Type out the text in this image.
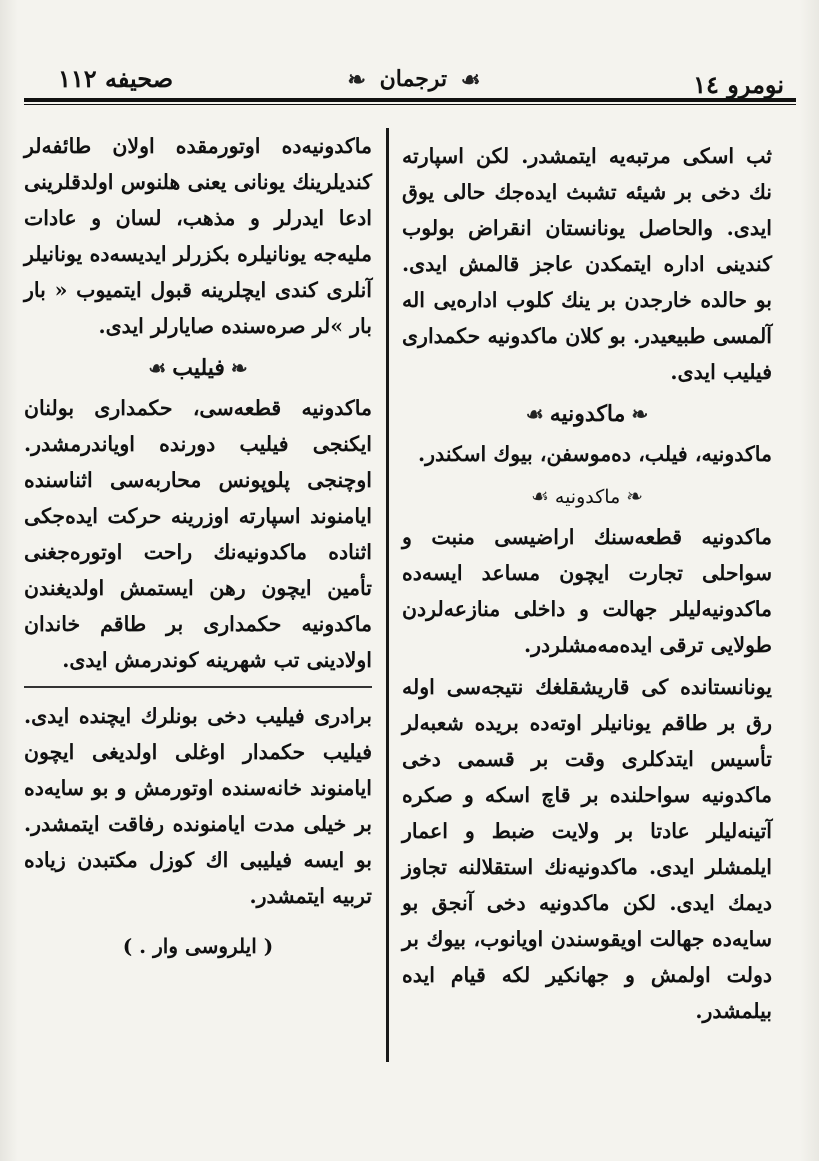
نومرو ١٤
❧ ترجمان ☙
صحیفه ١١٢

ثب اسکی مرتبه‌یه ایتمشدر. لکن اسپارته نك دخی بر شیئه تشبث ایده‌جك حالی یوق ایدی. والحاصل یونانستان انقراض بولوب کندینی اداره ایتمکدن عاجز قالمش ایدی. بو حالده خارجدن بر ینك کلوب اداره‌یی اله آلمسی طبیعیدر. بو کلان ماکدونیه حکمداری فیلیب ایدی.

❧ماکدونیه☙

ماکدونیه، فیلب، ده‌موسفن، بیوك اسکندر.

❧ماکدونیه☙

ماکدونیه قطعه‌سنك اراضیسی منبت و سواحلی تجارت ایچون مساعد ایسه‌ده ماکدونیه‌لیلر جهالت و داخلی منازعه‌لردن طولایی ترقی ایده‌مه‌مشلردر.

یونانستانده کی قاریشقلغك نتیجه‌سی اوله رق بر طاقم یونانیلر اوته‌ده بریده شعبه‌لر تأسیس ایتدکلری وقت بر قسمی دخی ماکدونیه سواحلنده بر قاچ اسکه و صکره آتینه‌لیلر عادتا بر ولایت ضبط و اعمار ایلمشلر ایدی. ماکدونیه‌نك استقلالنه تجاوز دیمك ایدی. لکن ماکدونیه دخی آنجق بو سایه‌ده جهالت اویقوسندن اویانوب، بیوك بر دولت اولمش و جهانکیر لکه قیام ایده بیلمشدر.

ماکدونیه‌ده اوتورمقده اولان طائفه‌لر کندیلرینك یونانی یعنی هلنوس اولدقلرینی ادعا ایدرلر و مذهب، لسان و عادات ملیه‌جه یونانیلره بکزرلر ایدیسه‌ده یونانیلر آنلری کندی ایچلرینه قبول ایتمیوب « بار بار »لر صره‌سنده صایارلر ایدی.

❧فیلیب☙

ماکدونیه قطعه‌سی، حکمداری بولنان ایکنجی فیلیب دورنده اویاندرمشدر. اوچنجی پلوپونس محاربه‌سی اثناسنده ایامنوند اسپارته اوزرینه حرکت ایده‌جکی اثناده ماکدونیه‌نك راحت اوتوره‌جغنی تأمین ایچون رهن ایستمش اولدیغندن ماکدونیه حکمداری بر طاقم خاندان اولادینی تب شهرینه کوندرمش ایدی.

برادری فیلیب دخی بونلرك ایچنده ایدی. فیلیب حکمدار اوغلی اولدیغی ایچون ایامنوند خانه‌سنده اوتورمش و بو سایه‌ده بر خیلی مدت ایامنونده رفاقت ایتمشدر. بو ایسه فیلیبی اك کوزل مکتبدن زیاده تربیه ایتمشدر.

( ایلروسی وار . )
